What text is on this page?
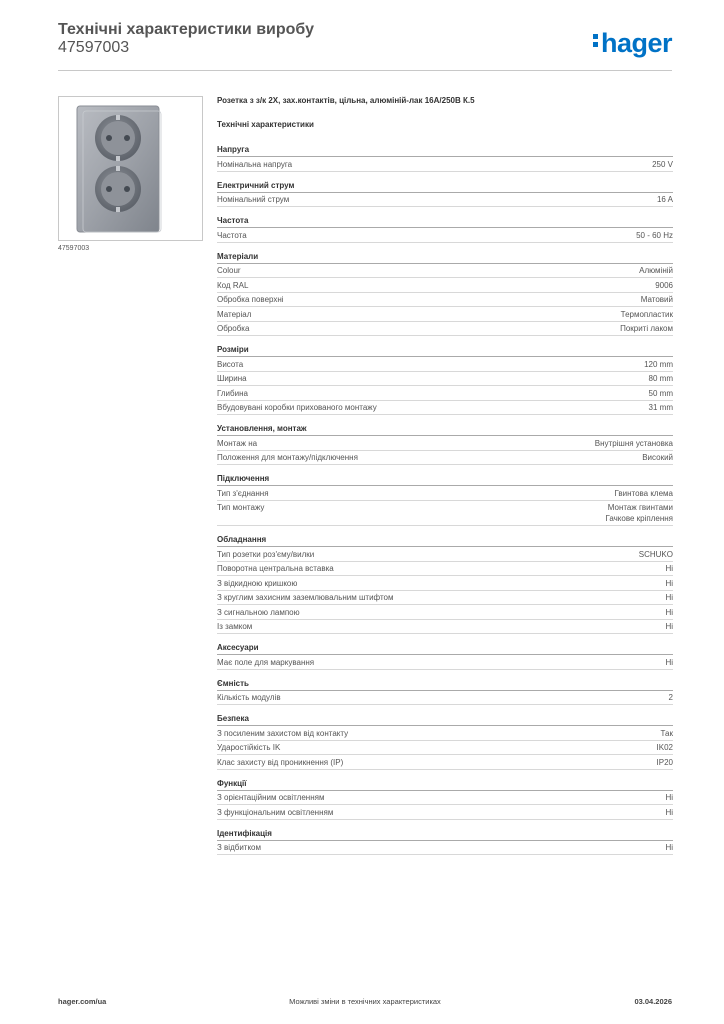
Технічні характеристики виробу
47597003	hager
47597003
Розетка з з/к 2X, зах.контактів, цільна, алюміній-лак 16A/250В К.5
Технічні характеристики
Напруга
Номінальна напруга	250 V
Електричний струм
Номінальний струм	16 A
Частота
Частота	50 - 60 Hz
Матеріали
Colour	Алюміній
Код RAL	9006
Обробка поверхні	Матовий
Матеріал	Термопластик
Обробка	Покриті лаком
Розміри
Висота	120 mm
Ширина	80 mm
Глибина	50 mm
Вбудовувані коробки прихованого монтажу	31 mm
Установлення, монтаж
Монтаж на	Внутрішня установка
Положення для монтажу/підключення	Високий
Підключення
Тип з'єднання	Гвинтова клема
Тип монтажу	Монтаж гвинтами
Гачкове кріплення
Обладнання
Тип розетки роз'єму/вилки	SCHUKO
Поворотна центральна вставка	Ні
З відкидною кришкою	Ні
З круглим захисним заземлювальним штифтом	Ні
З сигнальною лампою	Ні
Із замком	Ні
Аксесуари
Має поле для маркування	Ні
Ємність
Кількість модулів	2
Безпека
З посиленим захистом від контакту	Так
Ударостійкість IK	IK02
Клас захисту від проникнення (IP)	IP20
Функції
З орієнтаційним освітленням	Ні
З функціональним освітленням	Ні
Ідентифікація
З відбитком	Ні
hager.com/ua	Можливі зміни в технічних характеристиках	03.04.2026
